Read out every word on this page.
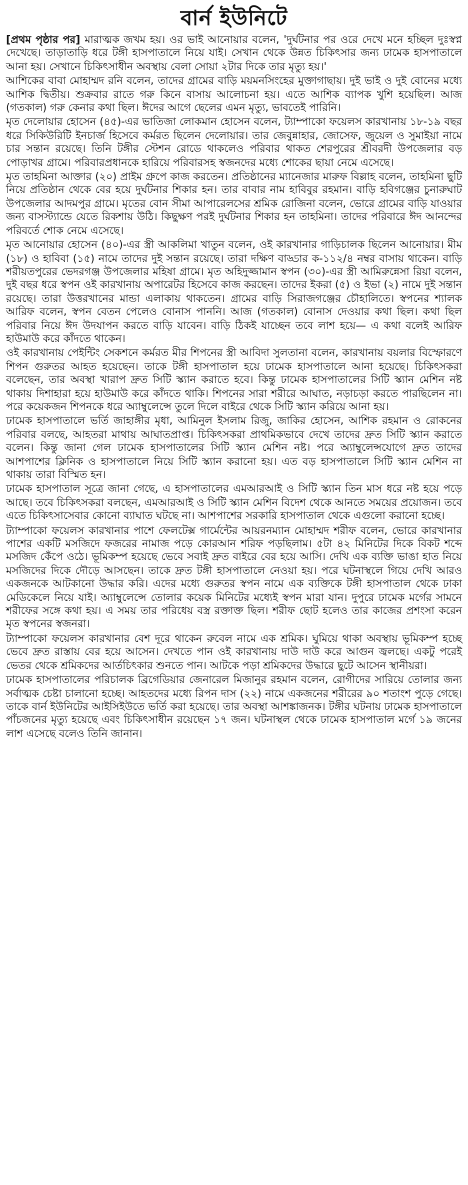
বার্ন ইউনিটে

[প্রথম পৃষ্ঠার পর] মারাত্মক জখম হয়। ওর ভাই আনোয়ার বলেন, 'দুর্ঘটনার পর ওরে দেখে মনে হচ্ছিল দুঃস্বপ্ন দেখেছে। তাড়াতাড়ি ধরে টঙ্গী হাসপাতালে নিয়ে যাই। সেখান থেকে উন্নত চিকিৎসার জন্য ঢামেক হাসপাতালে আনা হয়। সেখানে চিকিৎসাধীন অবস্থায় বেলা সোয়া ২টার দিকে তার মৃত্যু হয়।'

আশিকের বাবা মোহাম্মদ রনি বলেন, তাদের গ্রামের বাড়ি ময়মনসিংহের মুক্তাগাছায়। দুই ভাই ও দুই বোনের মধ্যে আশিক দ্বিতীয়। শুক্রবার রাতে গরু কিনে বাসায় আলোচনা হয়। এতে আশিক ব্যাপক খুশি হয়েছিল। আজ (গতকাল) গরু কেনার কথা ছিল। ঈদের আগে ছেলের এমন মৃত্যু, ভাবতেই পারিনি।

মৃত দেলোয়ার হোসেন (৪৫)-এর ভাতিজা লোকমান হোসেন বলেন, ট্যাম্পাকো ফয়েলস কারখানায় ১৮-১৯ বছর ধরে সিকিউরিটি ইনচার্জ হিসেবে কর্মরত ছিলেন দেলোয়ার। তার জেবুন্নাহার, জোসেফ, জুয়েল ও সুমাইয়া নামে চার সন্তান রয়েছে। তিনি টঙ্গীর স্টেশন রোডে থাকলেও পরিবার থাকত শেরপুরের শ্রীবরদী উপজেলার বড় পোড়াখর গ্রামে। পরিবারপ্রধানকে হারিয়ে পরিবারসহ স্বজনদের মধ্যে শোকের ছায়া নেমে এসেছে।

মৃত তাহমিনা আক্তার (২০) প্রাইম গ্রুপে কাজ করতেন। প্রতিষ্ঠানের ম্যানেজার মারুফ বিল্লাহ বলেন, তাহমিনা ছুটি নিয়ে প্রতিষ্ঠান থেকে বের হয়ে দুর্ঘটনার শিকার হন। তার বাবার নাম হাবিবুর রহমান। বাড়ি হবিগঞ্জের চুনারুঘাট উপজেলার আদমপুর গ্রামে। মৃতের বোন সীমা আপারেলসের শ্রমিক রোজিনা বলেন, ভোরে গ্রামের বাড়ি যাওয়ার জন্য বাসস্ট্যান্ডে যেতে রিকশায় উঠি। কিছুক্ষণ পরই দুর্ঘটনার শিকার হন তাহমিনা। তাদের পরিবারে ঈদ আনন্দের পরিবর্তে শোক নেমে এসেছে।

মৃত আনোয়ার হোসেন (৪০)-এর স্ত্রী আকলিমা খাতুন বলেন, ওই কারখানার গাড়িচালক ছিলেন আনোয়ার। মীম (১৮) ও হাবিবা (১৫) নামে তাদের দুই সন্তান রয়েছে। তারা দক্ষিণ বাড্ডার ক-১১২/৪ নম্বর বাসায় থাকেন। বাড়ি শরীয়তপুরের ভেদরগঞ্জ উপজেলার মহিষা গ্রামে। মৃত অহিদুজ্জামান স্বপন (৩০)-এর স্ত্রী আমিরুন্নেসা রিয়া বলেন, দুই বছর ধরে স্বপন ওই কারখানায় অপারেটর হিসেবে কাজ করছেন। তাদের ইকরা (৫) ও ইভা (২) নামে দুই সন্তান রয়েছে। তারা উত্তরখানের মান্ডা এলাকায় থাকতেন। গ্রামের বাড়ি সিরাজগঞ্জের চৌহালিতে। স্বপনের শ্যালক আরিফ বলেন, স্বপন বেতন পেলেও বোনাস পাননি। আজ (গতকাল) বোনাস দেওয়ার কথা ছিল। কথা ছিল পরিবার নিয়ে ঈদ উদযাপন করতে বাড়ি যাবেন। বাড়ি ঠিকই যাচ্ছেন তবে লাশ হয়ে— এ কথা বলেই আরিফ হাউমাউ করে কাঁদতে থাকেন।

ওই কারখানায় পেইন্টিং সেকশনে কর্মরত মীর শিপনের স্ত্রী আবিদা সুলতানা বলেন, কারখানায় বয়লার বিস্ফোরণে শিপন গুরুতর আহত হয়েছেন। তাকে টঙ্গী হাসপাতাল হয়ে ঢামেক হাসপাতালে আনা হয়েছে। চিকিৎসকরা বলেছেন, তার অবস্থা খারাপ দ্রুত সিটি স্ক্যান করাতে হবে। কিন্তু ঢামেক হাসপাতালের সিটি স্ক্যান মেশিন নষ্ট থাকায় দিশাহারা হয়ে হাউমাউ করে কাঁদতে থাকি। শিপনের সারা শরীরে আঘাত, নড়াচড়া করতে পারছিলেন না। পরে কয়েকজন শিপনকে ধরে অ্যাম্বুলেন্সে তুলে দিলে বাইরে থেকে সিটি স্ক্যান করিয়ে আনা হয়।

ঢামেক হাসপাতালে ভর্তি জাহাঙ্গীর মৃধা, আমিনুল ইসলাম রিজু, জাকির হোসেন, আশিক রহমান ও রোকনের পরিবার বলছে, আহতরা মাথায় আঘাতপ্রাপ্ত। চিকিৎসকরা প্রাথমিকভাবে দেখে তাদের দ্রুত সিটি স্ক্যান করাতে বলেন। কিন্তু জানা গেল ঢামেক হাসপাতালের সিটি স্ক্যান মেশিন নষ্ট। পরে অ্যাম্বুলেন্সযোগে দ্রুত তাদের আশপাশের ক্লিনিক ও হাসপাতালে নিয়ে সিটি স্ক্যান করানো হয়। এত বড় হাসপাতালে সিটি স্ক্যান মেশিন না থাকায় তারা বিস্মিত হন।

ঢামেক হাসপাতাল সূত্রে জানা গেছে, এ হাসপাতালের এমআরআই ও সিটি স্ক্যান তিন মাস ধরে নষ্ট হয়ে পড়ে আছে। তবে চিকিৎসকরা বলছেন, এমআরআই ও সিটি স্ক্যান মেশিন বিদেশ থেকে আনতে সময়ের প্রয়োজন। তবে এতে চিকিৎসাসেবার কোনো ব্যাঘাত ঘটছে না। আশপাশের সরকারি হাসপাতাল থেকে এগুলো করানো হচ্ছে।

ট্যাম্পাকো ফয়েলস কারখানার পাশে ফেলটেক্স গার্মেন্টের আয়রনম্যান মোহাম্মদ শরীফ বলেন, ভোরে কারখানার পাশের একটি মসজিদে ফজরের নামাজ পড়ে কোরআন শরিফ পড়ছিলাম। ৫টা ৪২ মিনিটের দিকে বিকট শব্দে মসজিদ কেঁপে ওঠে। ভূমিকম্প হয়েছে ভেবে সবাই দ্রুত বাইরে বের হয়ে আসি। দেখি এক ব্যক্তি ভাঙা হাত নিয়ে মসজিদের দিকে দৌড়ে আসছেন। তাকে দ্রুত টঙ্গী হাসপাতালে নেওয়া হয়। পরে ঘটনাস্থলে গিয়ে দেখি আরও একজনকে আটকানো উদ্ধার করি। এদের মধ্যে গুরুতর স্বপন নামে এক ব্যক্তিকে টঙ্গী হাসপাতাল থেকে ঢাকা মেডিকেলে নিয়ে যাই। অ্যাম্বুলেন্সে তোলার কয়েক মিনিটের মধ্যেই স্বপন মারা যান। দুপুরে ঢামেক মর্গের সামনে শরীফের সঙ্গে কথা হয়। এ সময় তার পরিধেয় বস্ত্র রক্তাক্ত ছিল। শরীফ ছোট হলেও তার কাজের প্রশংসা করেন মৃত স্বপনের স্বজনরা।

ট্যাম্পাকো ফয়েলস কারখানার বেশ দূরে থাকেন রুবেল নামে এক শ্রমিক। ঘুমিয়ে থাকা অবস্থায় ভূমিকম্প হচ্ছে ভেবে দ্রুত রাস্তায় বের হয়ে আসেন। দেখতে পান ওই কারখানায় দাউ দাউ করে আগুন জ্বলছে। একটু পরেই ভেতর থেকে শ্রমিকদের আর্তচিৎকার শুনতে পান। আটকে পড়া শ্রমিকদের উদ্ধারে ছুটে আসেন স্থানীয়রা।

ঢামেক হাসপাতালের পরিচালক ব্রিগেডিয়ার জেনারেল মিজানুর রহমান বলেন, রোগীদের সারিয়ে তোলার জন্য সর্বাত্মক চেষ্টা চালানো হচ্ছে। আহতদের মধ্যে রিপন দাস (২২) নামে একজনের শরীরের ৯০ শতাংশ পুড়ে গেছে। তাকে বার্ন ইউনিটের আইসিইউতে ভর্তি করা হয়েছে। তার অবস্থা আশঙ্কাজনক। টঙ্গীর ঘটনায় ঢামেক হাসপাতালে পাঁচজনের মৃত্যু হয়েছে এবং চিকিৎসাধীন রয়েছেন ১৭ জন। ঘটনাস্থল থেকে ঢামেক হাসপাতাল মর্গে ১৯ জনের লাশ এসেছে বলেও তিনি জানান।
